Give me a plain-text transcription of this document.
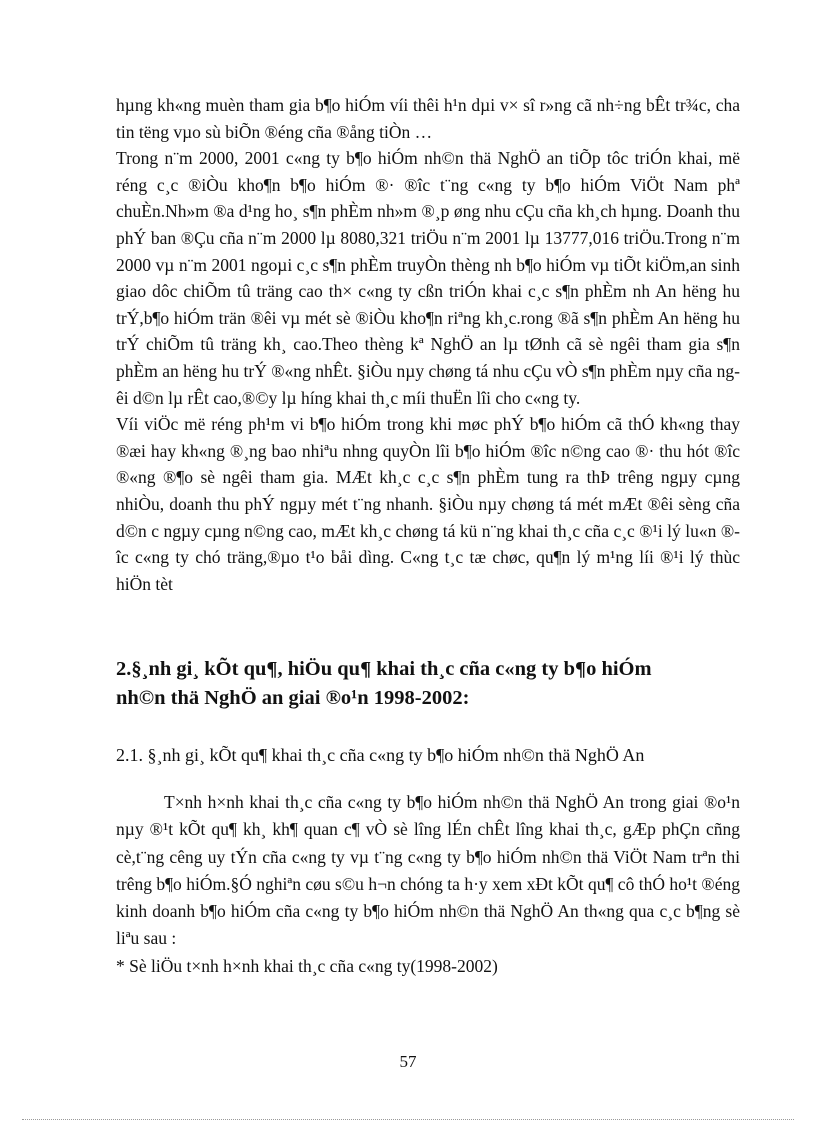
hµng kh«ng muèn tham gia b¶o hiÓm víi thêi h¹n dµi v× sî r»ng cã nh÷ng bÊt tr¾c, cha tin tëng vµo sù biÕn ®éng cña ®ång tiÒn …

Trong n¨m 2000, 2001 c«ng ty b¶o hiÓm nh©n thä NghÖ an tiÕp tôc triÓn khai, më réng c¸c ®iÒu kho¶n b¶o hiÓm ®· ®îc t¨ng c«ng ty b¶o hiÓm ViÖt Nam phª chuÈn.Nh»m ®a d¹ng ho¸ s¶n phÈm nh»m ®¸p øng nhu cÇu cña kh¸ch hµng. Doanh thu phÝ ban ®Çu cña n¨m 2000 lµ 8080,321 triÖu n¨m 2001 lµ 13777,016 triÖu.Trong n¨m 2000 vµ n¨m 2001 ngoµi c¸c s¶n phÈm truyÒn thèng nh b¶o hiÓm vµ tiÕt kiÖm,an sinh giao dôc chiÕm tû träng cao th× c«ng ty cßn triÓn khai c¸c s¶n phÈm nh An hëng hu trÝ,b¶o hiÓm trän ®êi vµ mét sè ®iÒu kho¶n riªng kh¸c.rong ®ã s¶n phÈm An hëng hu trÝ chiÕm tû träng kh¸ cao.Theo thèng kª NghÖ an lµ tØnh cã sè ngêi tham gia s¶n phÈm an hëng hu trÝ ®«ng nhÊt. §iÒu nµy chøng tá nhu cÇu vÒ s¶n phÈm nµy cña ngêi d©n lµ rÊt cao,®©y lµ híng khai th¸c míi thuËn lîi cho c«ng ty.

Víi viÖc më réng ph¹m vi b¶o hiÓm trong khi møc phÝ b¶o hiÓm cã thÓ kh«ng thay ®æi hay kh«ng ®¸ng bao nhiªu nhng quyÒn lîi b¶o hiÓm ®îc n©ng cao ®· thu hót ®îc ®«ng ®¶o sè ngêi tham gia. MÆt kh¸c c¸c s¶n phÈm tung ra thÞ trêng ngµy cµng nhiÒu, doanh thu phÝ ngµy mét t¨ng nhanh. §iÒu nµy chøng tá mét mÆt ®êi sèng cña d©n c ngµy cµng n©ng cao, mÆt kh¸c chøng tá kü n¨ng khai th¸c cña c¸c ®¹i lý lu«n ®îc c«ng ty chó träng,®µo t¹o båi dìng. C«ng t¸c tæ chøc, qu¶n lý m¹ng líi ®¹i lý thùc hiÖn tèt

2.§¸nh gi¸ kÕt qu¶, hiÖu qu¶ khai th¸c cña c«ng ty b¶o hiÓm

nh©n thä NghÖ an giai ®o¹n 1998-2002:

2.1. §¸nh gi¸ kÕt qu¶ khai th¸c cña c«ng ty b¶o hiÓm nh©n thä NghÖ An

T×nh h×nh khai th¸c cña c«ng ty b¶o hiÓm nh©n thä NghÖ An trong giai ®o¹n nµy ®¹t kÕt qu¶ kh¸ kh¶ quan c¶ vÒ sè lîng lÉn chÊt lîng khai th¸c, gÆp phÇn cñng cè,t¨ng cêng uy tÝn cña c«ng ty vµ t¨ng c«ng ty b¶o hiÓm nh©n thä ViÖt Nam trªn thi trêng b¶o hiÓm.§Ó nghiªn cøu s©u h¬n chóng ta h·y xem xÐt kÕt qu¶ cô thÓ ho¹t ®éng kinh doanh b¶o hiÓm cña c«ng ty b¶o hiÓm nh©n thä NghÖ An th«ng qua c¸c b¶ng sè liªu sau :

* Sè liÖu t×nh h×nh khai th¸c cña c«ng ty(1998-2002)

57
